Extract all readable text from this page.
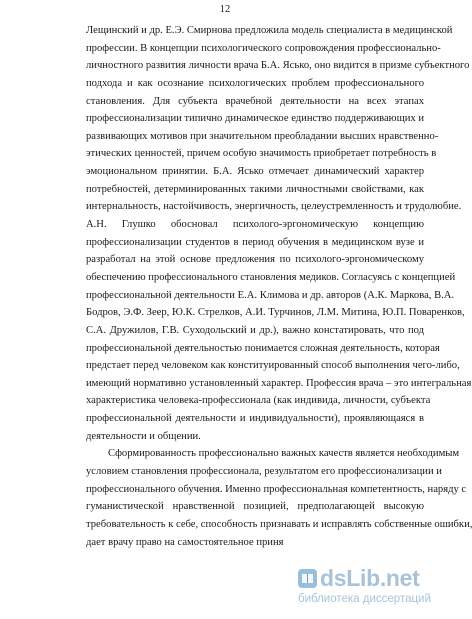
12
Лещинский и др. Е.Э. Смирнова предложила модель специалиста в медицинской
профессии. В концепции психологического сопровождения профессионально-
личностного развития личности врача Б.А. Ясько, оно видится в призме субъектного
подхода и как осознание психологических проблем профессионального
становления. Для субъекта врачебной деятельности на всех этапах
профессионализации типично динамическое единство поддерживающих и
развивающих мотивов при значительном преобладании высших нравственно-
этических ценностей, причем особую значимость приобретает потребность в
эмоциональном принятии. Б.А. Ясько отмечает динамический характер
потребностей, детерминированных такими личностными свойствами, как
интернальность, настойчивость, энергичность, целеустремленность и трудолюбие.
А.Н. Глушко обосновал психолого-эргономическую концепцию
профессионализации студентов в период обучения в медицинском вузе и
разработал на этой основе предложения по психолого-эргономическому
обеспечению профессионального становления медиков. Согласуясь с концепцией
профессиональной деятельности Е.А. Климова и др. авторов (А.К. Маркова, В.А.
Бодров, Э.Ф. Зеер, Ю.К. Стрелков, А.И. Турчинов, Л.М. Митина, Ю.П. Поваренков,
С.А. Дружилов, Г.В. Суходольский и др.), важно констатировать, что под
профессиональной деятельностью понимается сложная деятельность, которая
предстает перед человеком как конституированный способ выполнения чего-либо,
имеющий нормативно установленный характер. Профессия врача – это интегральная
характеристика человека-профессионала (как индивида, личности, субъекта
профессиональной деятельности и индивидуальности), проявляющаяся в
деятельности и общении.
Сформированность профессионально важных качеств является необходимым
условием становления профессионала, результатом его профессионализации и
профессионального обучения. Именно профессиональная компетентность, наряду с
гуманистической нравственной позицией, предполагающей высокую
требовательность к себе, способность признавать и исправлять собственные ошибки,
дает врачу право на самостоятельное приня
dsLib.net
библиотека диссертаций
